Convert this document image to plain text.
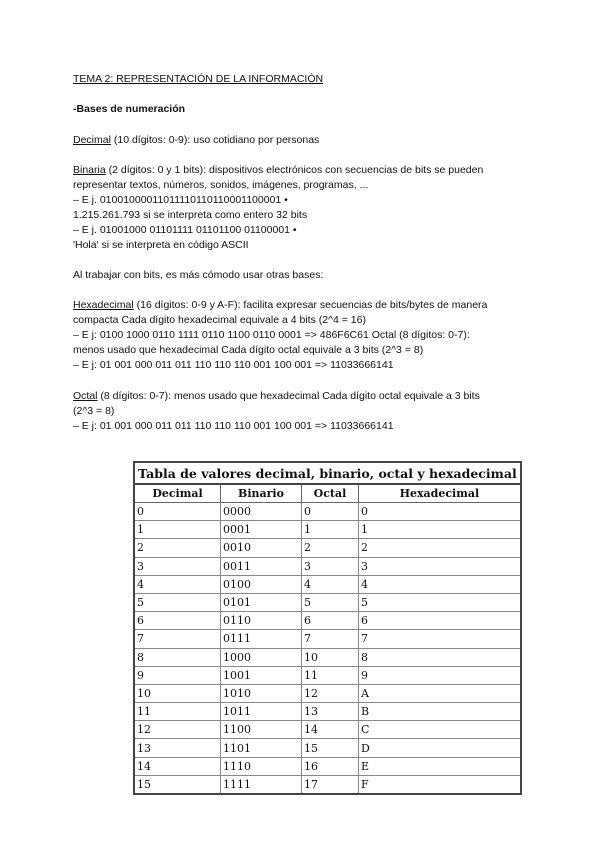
TEMA 2: REPRESENTACIÓN DE LA INFORMACIÓN
-Bases de numeración
Decimal (10 dígitos: 0-9): uso cotidiano por personas
Binaria (2 dígitos: 0 y 1 bits): dispositivos electrónicos con secuencias de bits se pueden
representar textos, números, sonidos, imágenes, programas, ...
– E j. 01001000011011110110110001100001 •
1.215.261.793 si se interpreta como entero 32 bits
– E j. 01001000 01101111 01101100 01100001 •
'Hola' si se interpreta en código ASCII
Al trabajar con bits, es más cómodo usar otras bases:
Hexadecimal (16 dígitos: 0-9 y A-F): facilita expresar secuencias de bits/bytes de manera
compacta Cada dígito hexadecimal equivale a 4 bits (2^4 = 16)
– E j: 0100 1000 0110 1111 0110 1100 0110 0001 => 486F6C61 Octal (8 dígitos: 0-7):
menos usado que hexadecimal Cada dígito octal equivale a 3 bits (2^3 = 8)
– E j: 01 001 000 011 011 110 110 110 001 100 001 => 11033666141
Octal (8 dígitos: 0-7): menos usado que hexadecimal Cada dígito octal equivale a 3 bits
(2^3 = 8)
– E j: 01 001 000 011 011 110 110 110 001 100 001 => 11033666141
Tabla de valores decimal, binario, octal y hexadecimal
Decimal	Binario	Octal	Hexadecimal
0	0000	0	0
1	0001	1	1
2	0010	2	2
3	0011	3	3
4	0100	4	4
5	0101	5	5
6	0110	6	6
7	0111	7	7
8	1000	10	8
9	1001	11	9
10	1010	12	A
11	1011	13	B
12	1100	14	C
13	1101	15	D
14	1110	16	E
15	1111	17	F
